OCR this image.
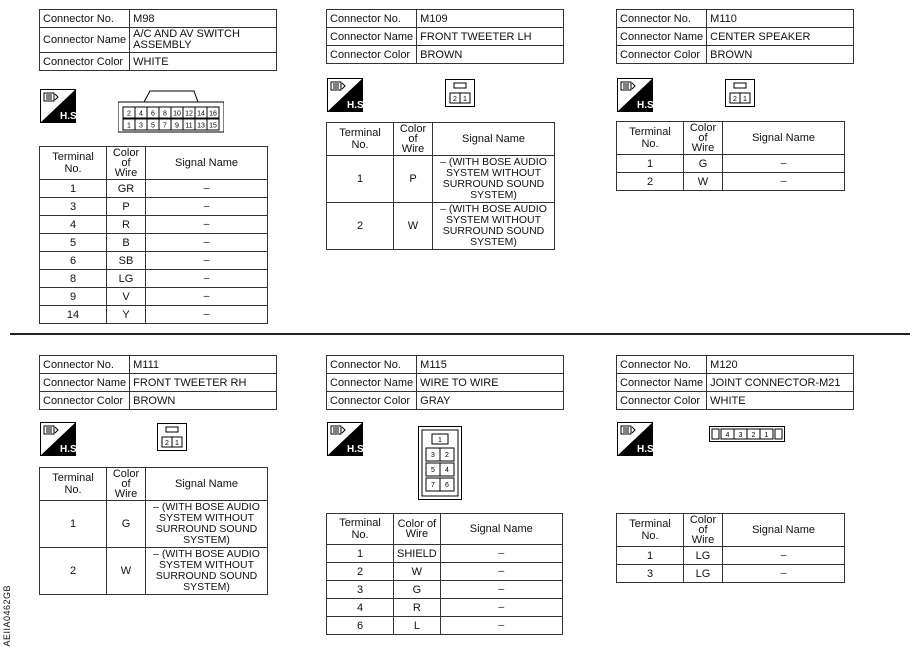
Connector No.	M98
Connector Name	A/C AND AV SWITCH ASSEMBLY
Connector Color	WHITE
2 4 6 8 10 12 14 16
1 3 5 7 9 11 13 15
Terminal No.	Color of Wire	Signal Name
1	GR	–
3	P	–
4	R	–
5	B	–
6	SB	–
8	LG	–
9	V	–
14	Y	–
Connector No.	M109
Connector Name	FRONT TWEETER LH
Connector Color	BROWN
2 1
Terminal No.	Color of Wire	Signal Name
1	P	– (WITH BOSE AUDIO SYSTEM WITHOUT SURROUND SOUND SYSTEM)
2	W	– (WITH BOSE AUDIO SYSTEM WITHOUT SURROUND SOUND SYSTEM)
Connector No.	M110
Connector Name	CENTER SPEAKER
Connector Color	BROWN
2 1
Terminal No.	Color of Wire	Signal Name
1	G	–
2	W	–
Connector No.	M111
Connector Name	FRONT TWEETER RH
Connector Color	BROWN
2 1
Terminal No.	Color of Wire	Signal Name
1	G	– (WITH BOSE AUDIO SYSTEM WITHOUT SURROUND SOUND SYSTEM)
2	W	– (WITH BOSE AUDIO SYSTEM WITHOUT SURROUND SOUND SYSTEM)
Connector No.	M115
Connector Name	WIRE TO WIRE
Connector Color	GRAY
1
3 2
5 4
7 6
Terminal No.	Color of Wire	Signal Name
1	SHIELD	–
2	W	–
3	G	–
4	R	–
6	L	–
Connector No.	M120
Connector Name	JOINT CONNECTOR-M21
Connector Color	WHITE
4 3 2 1
Terminal No.	Color of Wire	Signal Name
1	LG	–
3	LG	–
AEIIA0462GB
